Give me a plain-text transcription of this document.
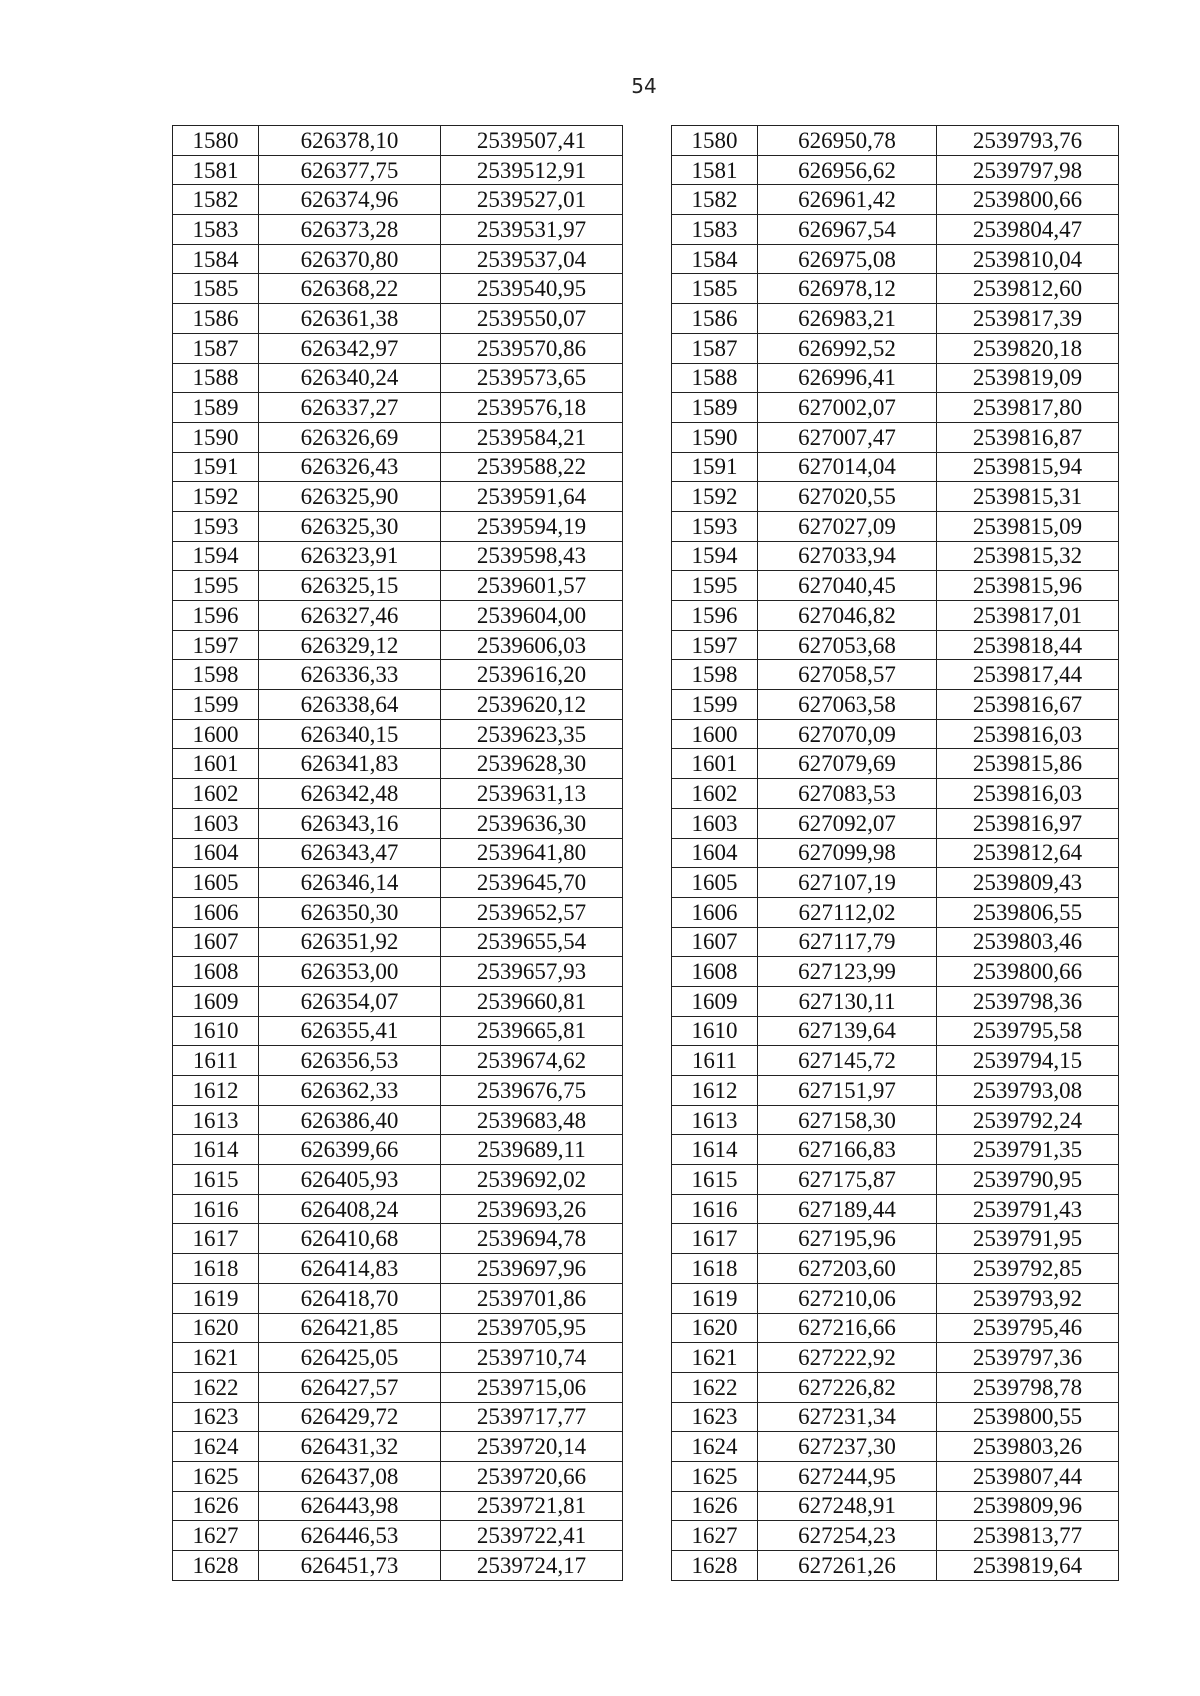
54
1580	626378,10	2539507,41		1580	626950,78	2539793,76
1581	626377,75	2539512,91		1581	626956,62	2539797,98
1582	626374,96	2539527,01		1582	626961,42	2539800,66
1583	626373,28	2539531,97		1583	626967,54	2539804,47
1584	626370,80	2539537,04		1584	626975,08	2539810,04
1585	626368,22	2539540,95		1585	626978,12	2539812,60
1586	626361,38	2539550,07		1586	626983,21	2539817,39
1587	626342,97	2539570,86		1587	626992,52	2539820,18
1588	626340,24	2539573,65		1588	626996,41	2539819,09
1589	626337,27	2539576,18		1589	627002,07	2539817,80
1590	626326,69	2539584,21		1590	627007,47	2539816,87
1591	626326,43	2539588,22		1591	627014,04	2539815,94
1592	626325,90	2539591,64		1592	627020,55	2539815,31
1593	626325,30	2539594,19		1593	627027,09	2539815,09
1594	626323,91	2539598,43		1594	627033,94	2539815,32
1595	626325,15	2539601,57		1595	627040,45	2539815,96
1596	626327,46	2539604,00		1596	627046,82	2539817,01
1597	626329,12	2539606,03		1597	627053,68	2539818,44
1598	626336,33	2539616,20		1598	627058,57	2539817,44
1599	626338,64	2539620,12		1599	627063,58	2539816,67
1600	626340,15	2539623,35		1600	627070,09	2539816,03
1601	626341,83	2539628,30		1601	627079,69	2539815,86
1602	626342,48	2539631,13		1602	627083,53	2539816,03
1603	626343,16	2539636,30		1603	627092,07	2539816,97
1604	626343,47	2539641,80		1604	627099,98	2539812,64
1605	626346,14	2539645,70		1605	627107,19	2539809,43
1606	626350,30	2539652,57		1606	627112,02	2539806,55
1607	626351,92	2539655,54		1607	627117,79	2539803,46
1608	626353,00	2539657,93		1608	627123,99	2539800,66
1609	626354,07	2539660,81		1609	627130,11	2539798,36
1610	626355,41	2539665,81		1610	627139,64	2539795,58
1611	626356,53	2539674,62		1611	627145,72	2539794,15
1612	626362,33	2539676,75		1612	627151,97	2539793,08
1613	626386,40	2539683,48		1613	627158,30	2539792,24
1614	626399,66	2539689,11		1614	627166,83	2539791,35
1615	626405,93	2539692,02		1615	627175,87	2539790,95
1616	626408,24	2539693,26		1616	627189,44	2539791,43
1617	626410,68	2539694,78		1617	627195,96	2539791,95
1618	626414,83	2539697,96		1618	627203,60	2539792,85
1619	626418,70	2539701,86		1619	627210,06	2539793,92
1620	626421,85	2539705,95		1620	627216,66	2539795,46
1621	626425,05	2539710,74		1621	627222,92	2539797,36
1622	626427,57	2539715,06		1622	627226,82	2539798,78
1623	626429,72	2539717,77		1623	627231,34	2539800,55
1624	626431,32	2539720,14		1624	627237,30	2539803,26
1625	626437,08	2539720,66		1625	627244,95	2539807,44
1626	626443,98	2539721,81		1626	627248,91	2539809,96
1627	626446,53	2539722,41		1627	627254,23	2539813,77
1628	626451,73	2539724,17		1628	627261,26	2539819,64
